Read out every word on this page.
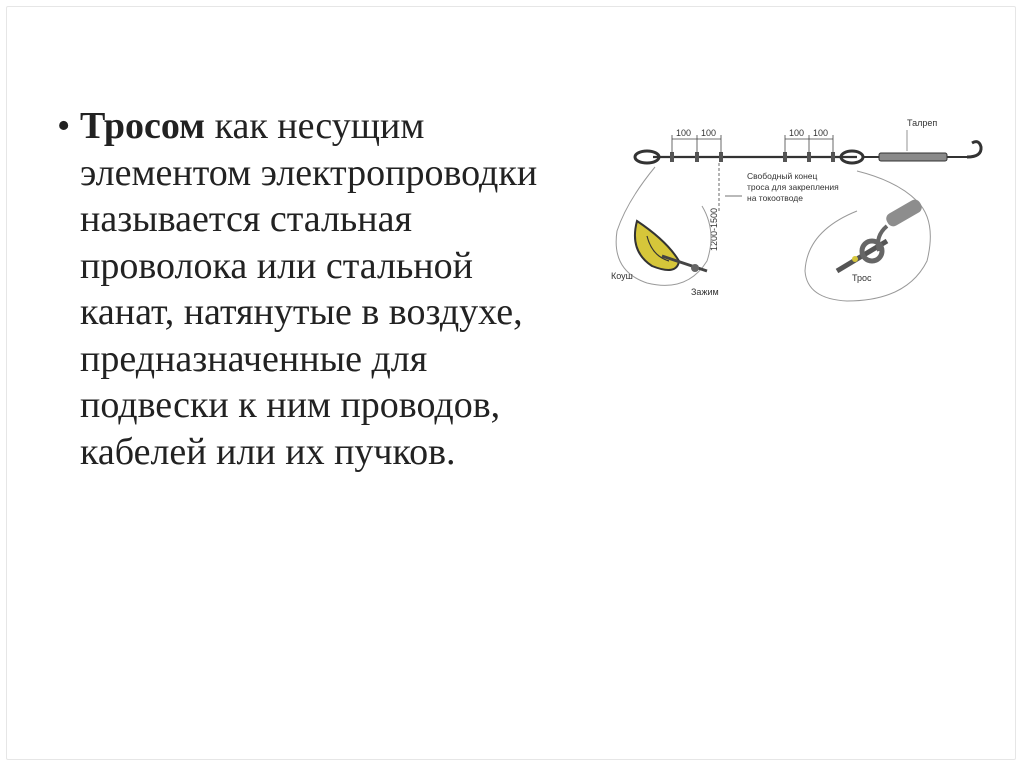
• Тросом как несущим элементом электропроводки называется стальная проволока или стальной канат, натянутые в воздухе, предназначенные для подвески к ним проводов, кабелей или их пучков.
100 100	100 100
Талреп
1200-1500
Свободный конец
троса для закрепления
на токоотводе
Коуш
Зажим
Трос
